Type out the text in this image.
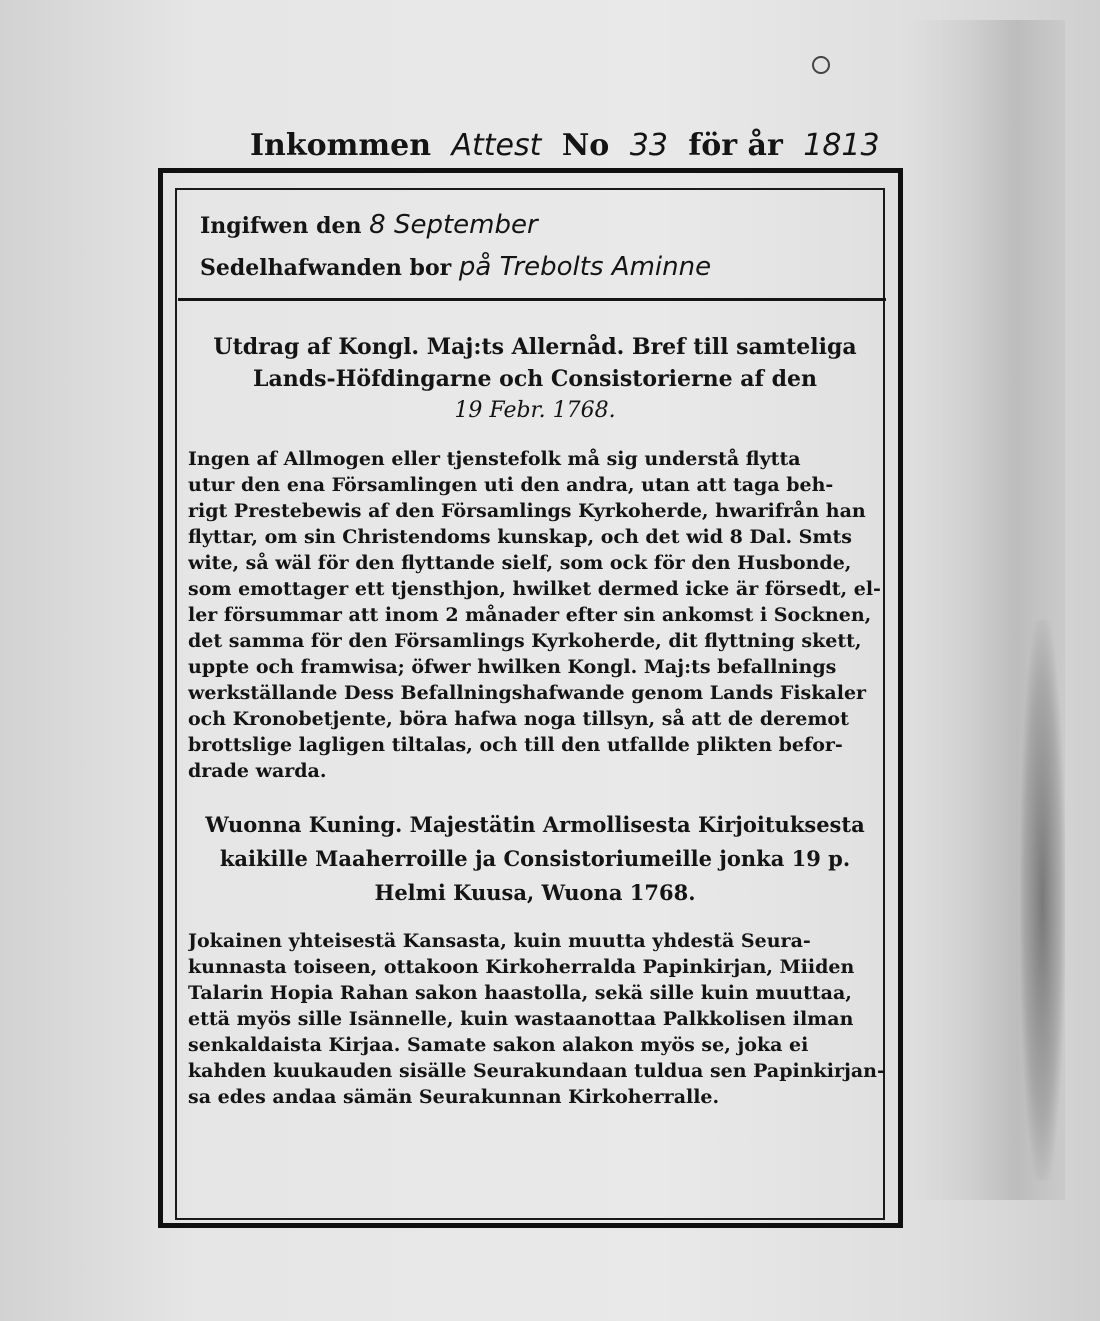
Inkommen Attest No 33 för år 1813
Ingifwen den 8 September
Sedelhafwanden bor på Trebolts Aminne
Utdrag af Kongl. Maj:ts Allernåd. Bref till samteliga
Lands-Höfdingarne och Consistorierne af den
19 Febr. 1768.
Ingen af Allmogen eller tjenstefolk må sig understå flytta
utur den ena Församlingen uti den andra, utan att taga beh-
rigt Prestebewis af den Församlings Kyrkoherde, hwarifrån han
flyttar, om sin Christendoms kunskap, och det wid 8 Dal. Smts
wite, så wäl för den flyttande sielf, som ock för den Husbonde,
som emottager ett tjensthjon, hwilket dermed icke är försedt, el-
ler försummar att inom 2 månader efter sin ankomst i Socknen,
det samma för den Församlings Kyrkoherde, dit flyttning skett,
uppte och framwisa; öfwer hwilken Kongl. Maj:ts befallnings
werkställande Dess Befallningshafwande genom Lands Fiskaler
och Kronobetjente, böra hafwa noga tillsyn, så att de deremot
brottslige lagligen tiltalas, och till den utfallde plikten befor-
drade warda.
Wuonna Kuning. Majestätin Armollisesta Kirjoituksesta
kaikille Maaherroille ja Consistoriumeille jonka 19 p.
Helmi Kuusa, Wuona 1768.
Jokainen yhteisestä Kansasta, kuin muutta yhdestä Seura-
kunnasta toiseen, ottakoon Kirkoherralda Papinkirjan, Miiden
Talarin Hopia Rahan sakon haastolla, sekä sille kuin muuttaa,
että myös sille Isännelle, kuin wastaanottaa Palkkolisen ilman
senkaldaista Kirjaa. Samate sakon alakon myös se, joka ei
kahden kuukauden sisälle Seurakundaan tuldua sen Papinkirjan-
sa edes andaa sämän Seurakunnan Kirkoherralle.
